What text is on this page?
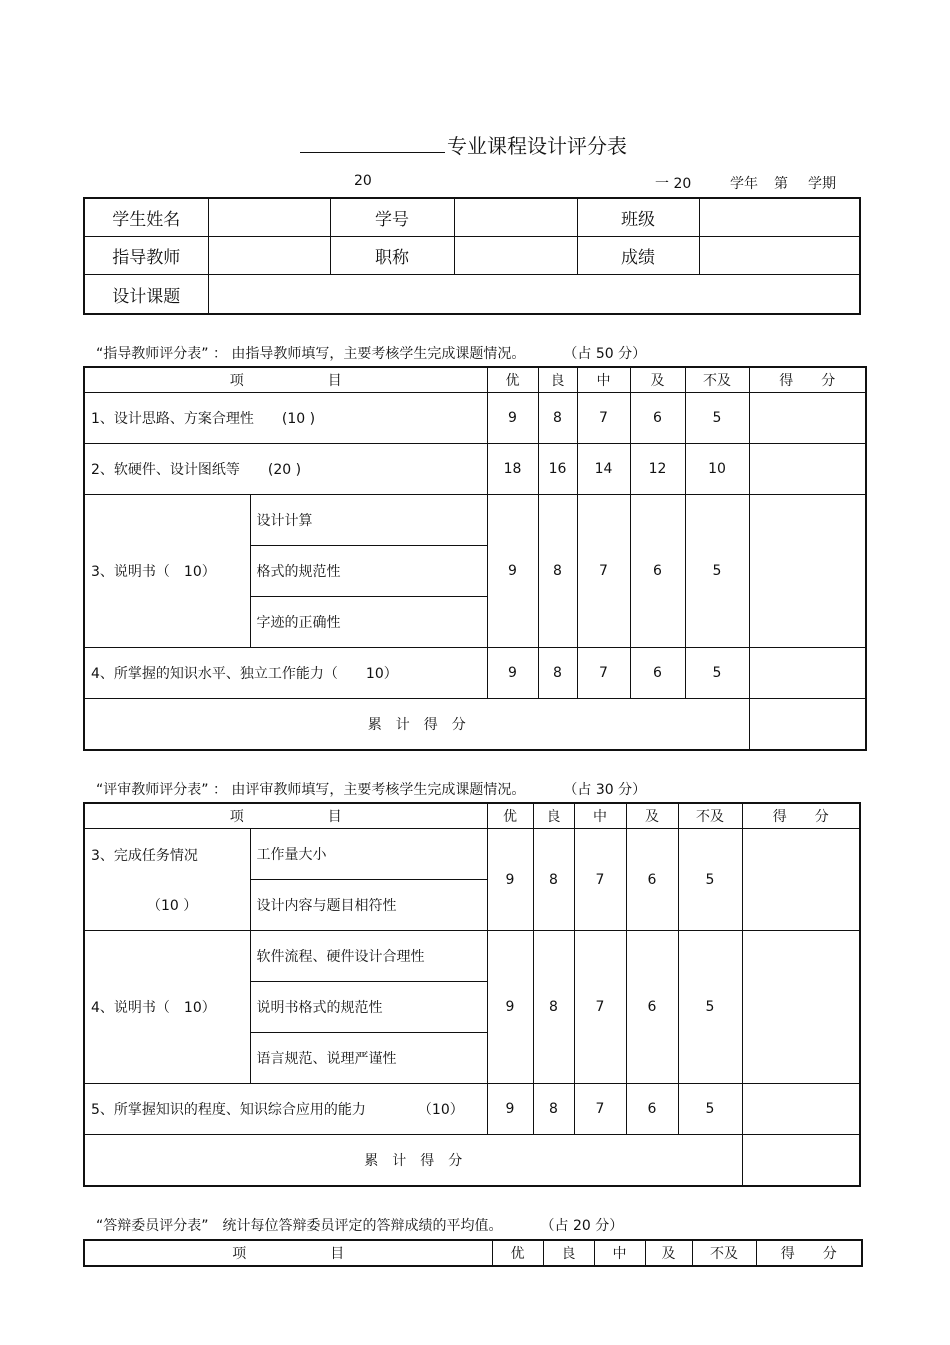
专业课程设计评分表
20	一 20	学年 第 学期
学生姓名		学号		班级	
指导教师		职称		成绩	
设计课题					
“指导教师评分表” ： 由指导教师填写，主要考核学生完成课题情况。	（占 50 分）
项　　　　　　目		优	良	中	及	不及	得　　分
1、设计思路、方案合理性　　(10 )		9	8	7	6	5	
2、软硬件、设计图纸等　　(20 )		18	16	14	12	10	
3、说明书（　10）	设计计算	9	8	7	6	5	
	格式的规范性						
	字迹的正确性						
4、所掌握的知识水平、独立工作能力（　　10）		9	8	7	6	5	
累　计　得　分							
“评审教师评分表” ： 由评审教师填写，主要考核学生完成课题情况。	（占 30 分）
项　　　　　　目		优	良	中	及	不及	得　　分

3、完成任务情况
（10 ）	工作量大小	9	8	7	6	5	
	设计内容与题目相符性						
4、说明书（　10）	软件流程、硬件设计合理性	9	8	7	6	5	
	说明书格式的规范性						
	语言规范、说理严谨性						
5、所掌握知识的程度、知识综合应用的能力 （10）		9	8	7	6	5	
累　计　得　分							
“答辩委员评分表”　统计每位答辩委员评定的答辩成绩的平均值。	（占 20 分）
项　　　　　　目	优	良	中	及	不及	得　　分
